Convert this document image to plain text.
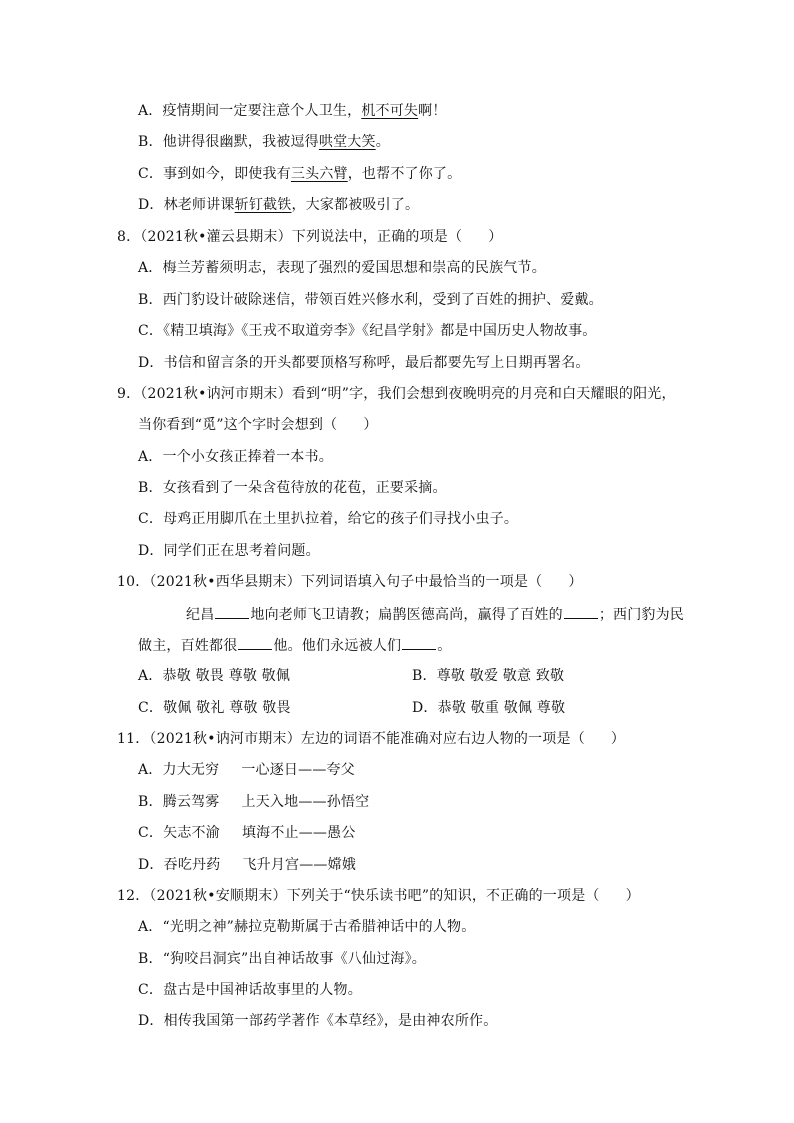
A．疫情期间一定要注意个人卫生，机不可失啊！
B．他讲得很幽默，我被逗得哄堂大笑。
C．事到如今，即使我有三头六臂，也帮不了你了。
D．林老师讲课斩钉截铁，大家都被吸引了。
8．（2021秋•灌云县期末）下列说法中，正确的项是（ ）
A．梅兰芳蓄须明志，表现了强烈的爱国思想和崇高的民族气节。
B．西门豹设计破除迷信，带领百姓兴修水利，受到了百姓的拥护、爱戴。
C．《精卫填海》《王戎不取道旁李》《纪昌学射》都是中国历史人物故事。
D．书信和留言条的开头都要顶格写称呼，最后都要先写上日期再署名。
9．（2021秋•讷河市期末）看到“明”字，我们会想到夜晚明亮的月亮和白天耀眼的阳光，
当你看到“觅”这个字时会想到（ ）
A．一个小女孩正捧着一本书。
B．女孩看到了一朵含苞待放的花苞，正要采摘。
C．母鸡正用脚爪在土里扒拉着，给它的孩子们寻找小虫子。
D．同学们正在思考着问题。
10．（2021秋•西华县期末）下列词语填入句子中最恰当的一项是（ ）
纪昌	地向老师飞卫请教；扁鹊医德高尚，赢得了百姓的	；西门豹为民
做主，百姓都很	他。他们永远被人们	。
A．恭敬 敬畏 尊敬 敬佩	B．尊敬 敬爱 敬意 致敬
C．敬佩 敬礼 尊敬 敬畏	D．恭敬 敬重 敬佩 尊敬
11．（2021秋•讷河市期末）左边的词语不能准确对应右边人物的一项是（ ）
A．力大无穷 一心逐日——夸父
B．腾云驾雾 上天入地——孙悟空
C．矢志不渝 填海不止——愚公
D．吞吃丹药 飞升月宫——嫦娥
12．（2021秋•安顺期末）下列关于“快乐读书吧”的知识，不正确的一项是（ ）
A．“光明之神”赫拉克勒斯属于古希腊神话中的人物。
B．“狗咬吕洞宾”出自神话故事《八仙过海》。
C．盘古是中国神话故事里的人物。
D．相传我国第一部药学著作《本草经》，是由神农所作。
